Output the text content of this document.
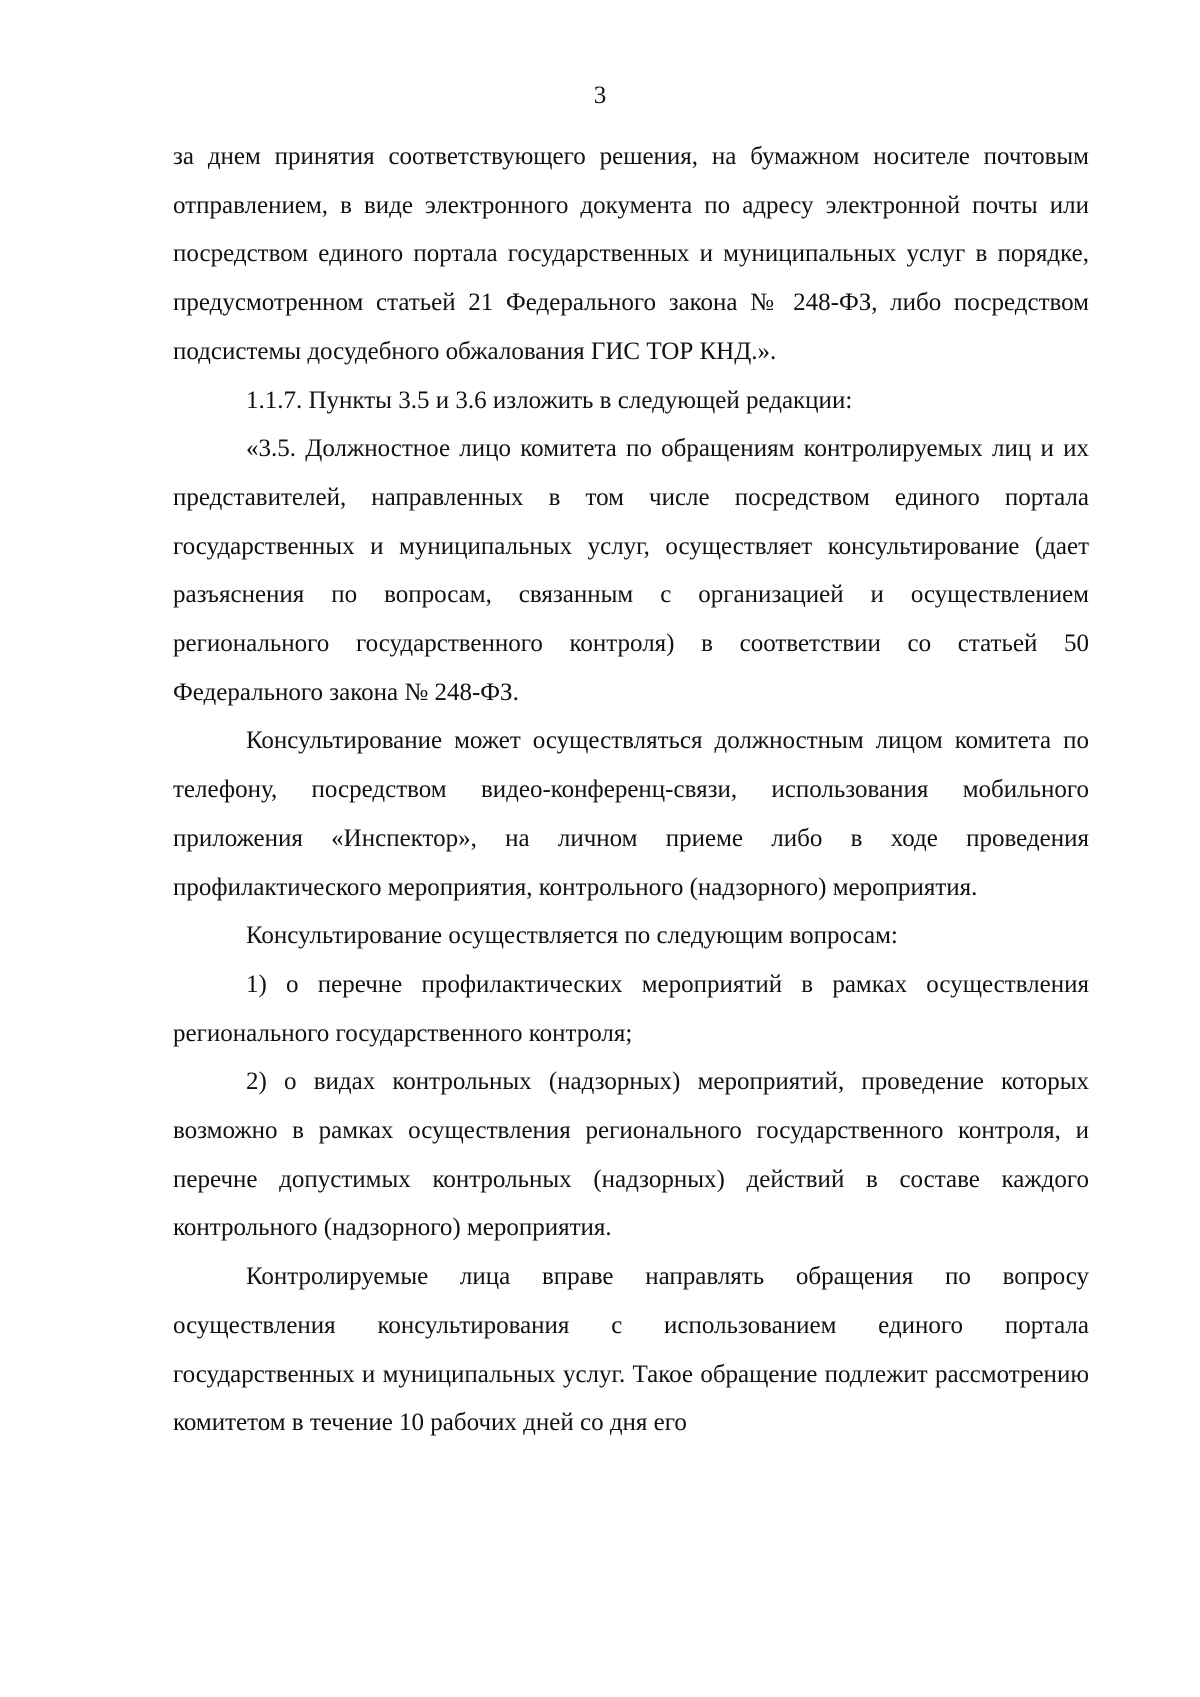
3

за днем принятия соответствующего решения, на бумажном носителе почтовым отправлением, в виде электронного документа по адресу электронной почты или посредством единого портала государственных и муниципальных услуг в порядке, предусмотренном статьей 21 Федерального закона № 248-ФЗ, либо посредством подсистемы досудебного обжалования ГИС ТОР КНД.».

1.1.7. Пункты 3.5 и 3.6 изложить в следующей редакции:

«3.5. Должностное лицо комитета по обращениям контролируемых лиц и их представителей, направленных в том числе посредством единого портала государственных и муниципальных услуг, осуществляет консультирование (дает разъяснения по вопросам, связанным с организацией и осуществлением регионального государственного контроля) в соответствии со статьей 50 Федерального закона № 248-ФЗ.

Консультирование может осуществляться должностным лицом комитета по телефону, посредством видео-конференц-связи, использования мобильного приложения «Инспектор», на личном приеме либо в ходе проведения профилактического мероприятия, контрольного (надзорного) мероприятия.

Консультирование осуществляется по следующим вопросам:

1) о перечне профилактических мероприятий в рамках осуществления регионального государственного контроля;

2) о видах контрольных (надзорных) мероприятий, проведение которых возможно в рамках осуществления регионального государственного контроля, и перечне допустимых контрольных (надзорных) действий в составе каждого контрольного (надзорного) мероприятия.

Контролируемые лица вправе направлять обращения по вопросу осуществления консультирования с использованием единого портала государственных и муниципальных услуг. Такое обращение подлежит рассмотрению комитетом в течение 10 рабочих дней со дня его
